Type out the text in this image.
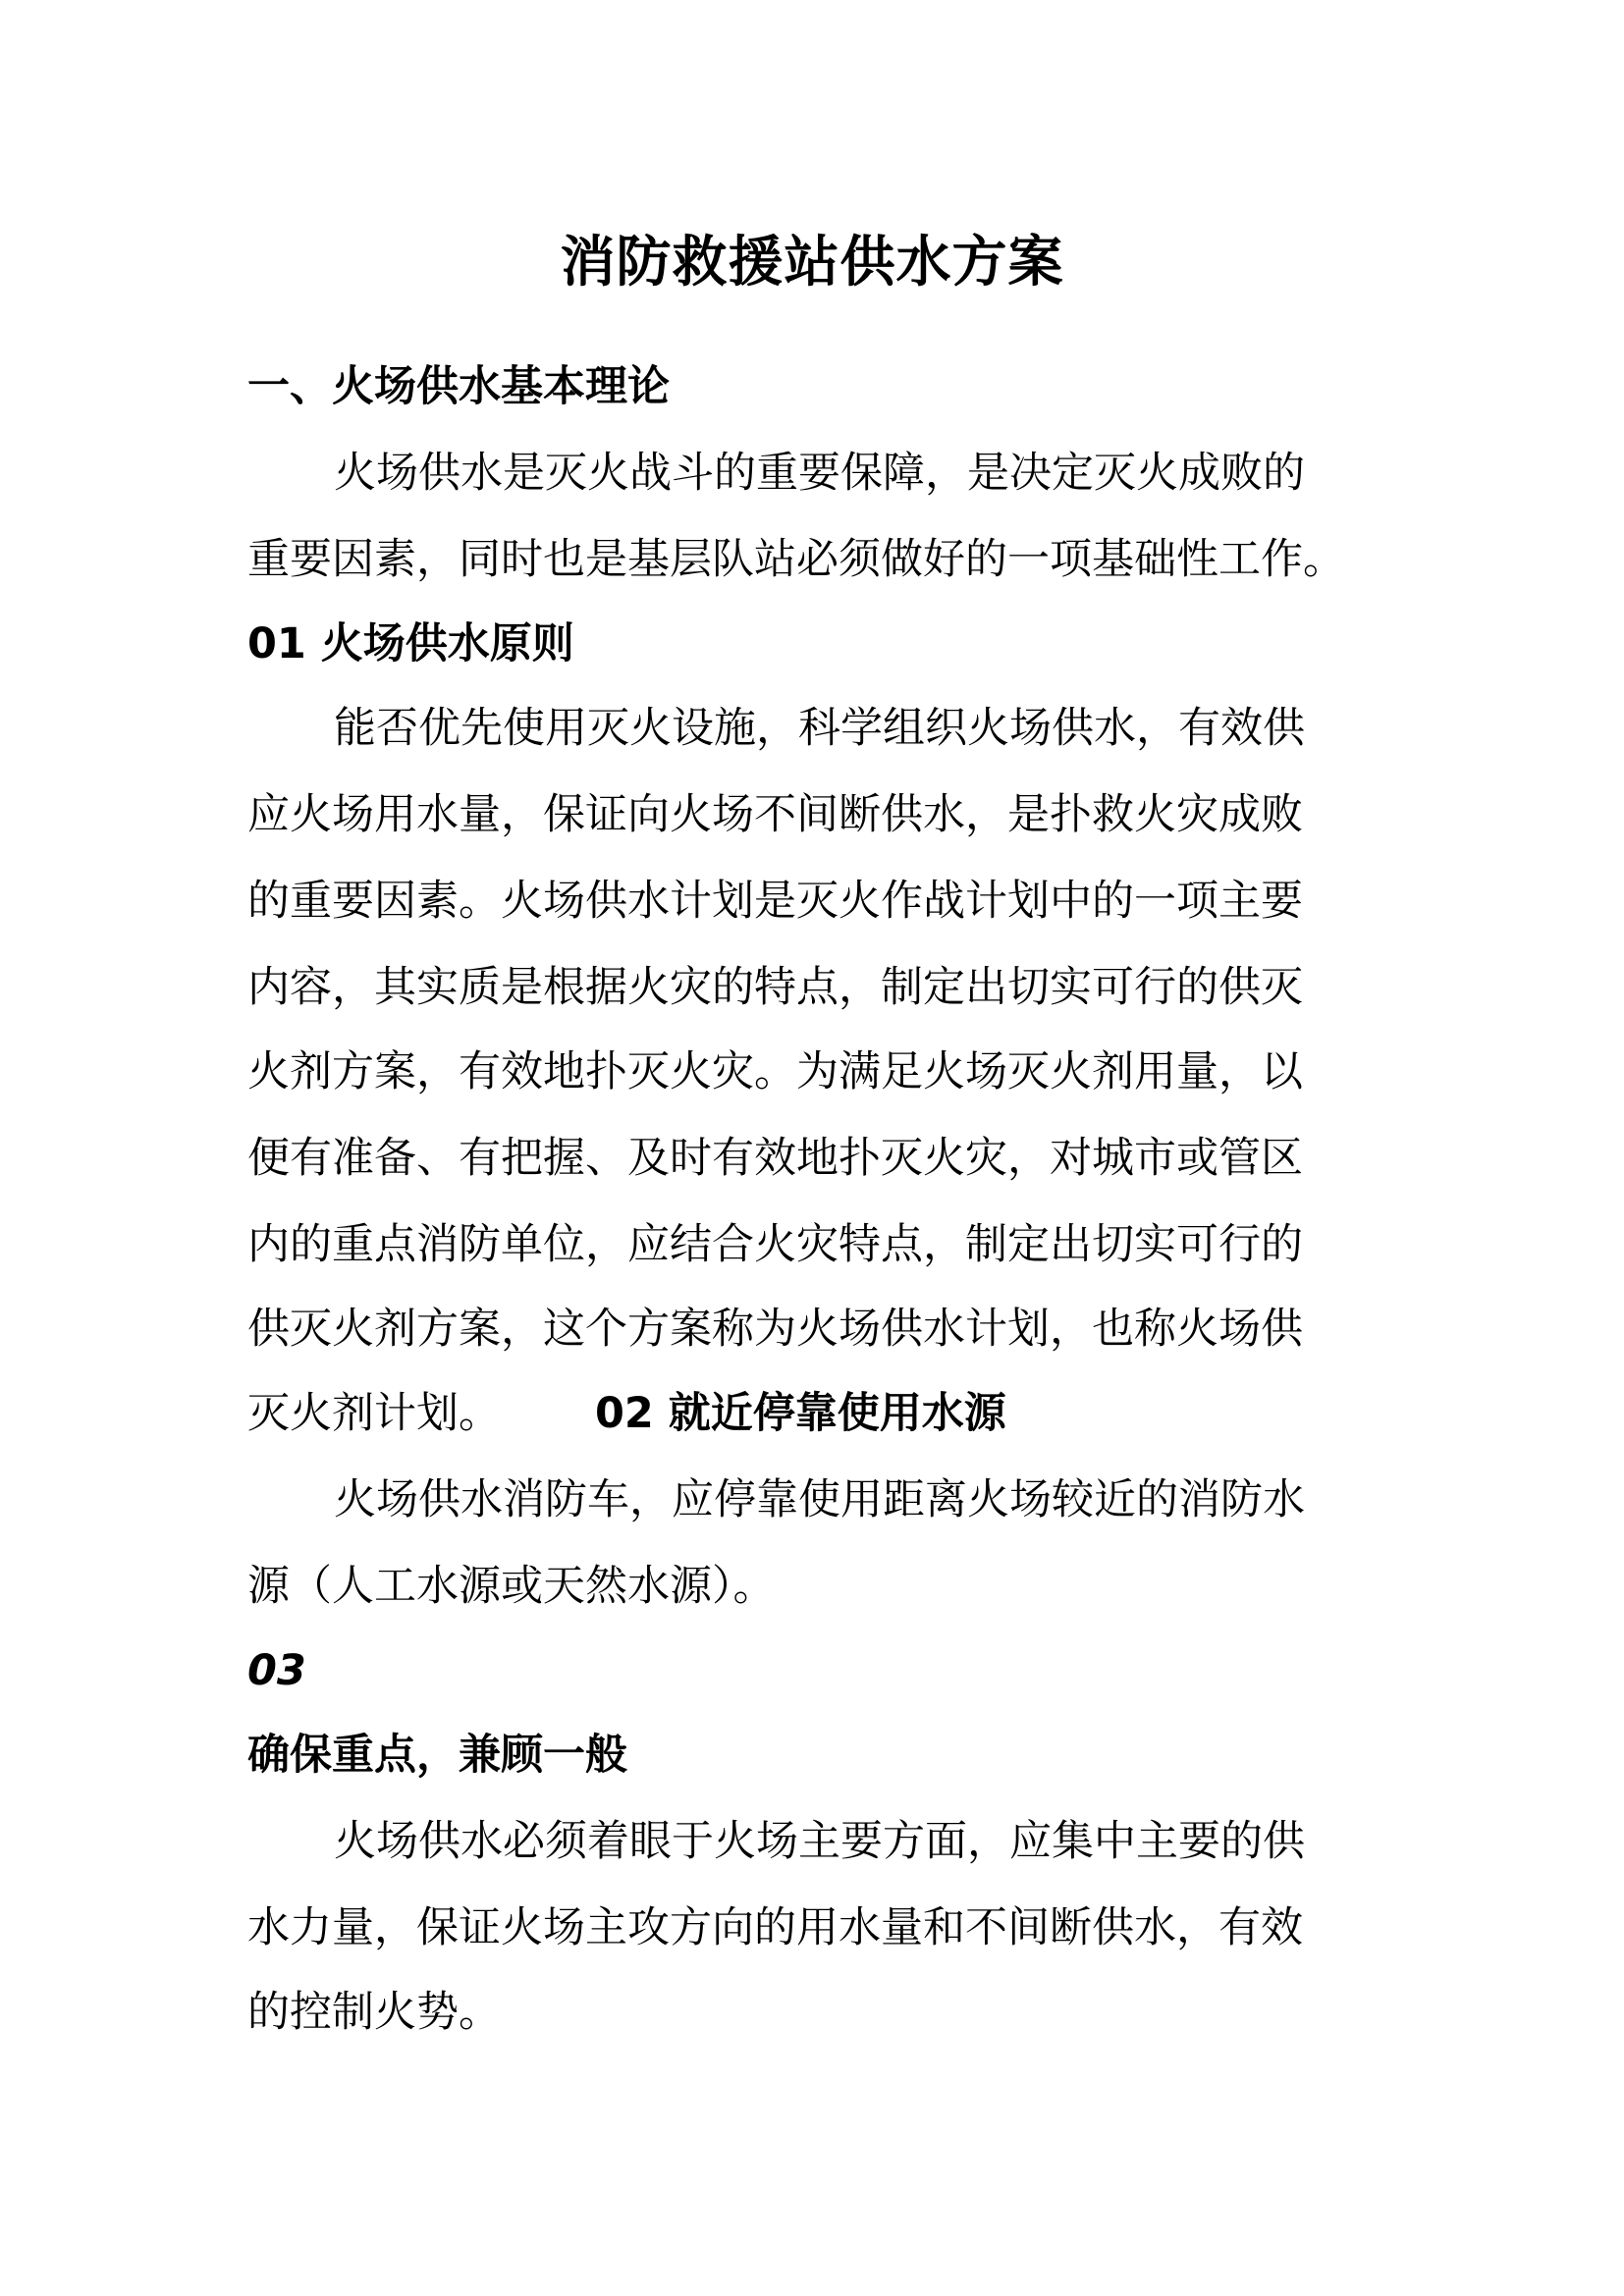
消防救援站供水方案
一、火场供水基本理论
火场供水是灭火战斗的重要保障，是决定灭火成败的
重要因素，同时也是基层队站必须做好的一项基础性工作。
01 火场供水原则
能否优先使用灭火设施，科学组织火场供水，有效供
应火场用水量，保证向火场不间断供水，是扑救火灾成败
的重要因素。火场供水计划是灭火作战计划中的一项主要
内容，其实质是根据火灾的特点，制定出切实可行的供灭
火剂方案，有效地扑灭火灾。为满足火场灭火剂用量，以
便有准备、有把握、及时有效地扑灭火灾，对城市或管区
内的重点消防单位，应结合火灾特点，制定出切实可行的
供灭火剂方案，这个方案称为火场供水计划，也称火场供
灭火剂计划。 02 就近停靠使用水源
火场供水消防车，应停靠使用距离火场较近的消防水
源（人工水源或天然水源）。
03
确保重点，兼顾一般
火场供水必须着眼于火场主要方面，应集中主要的供
水力量，保证火场主攻方向的用水量和不间断供水，有效
的控制火势。
